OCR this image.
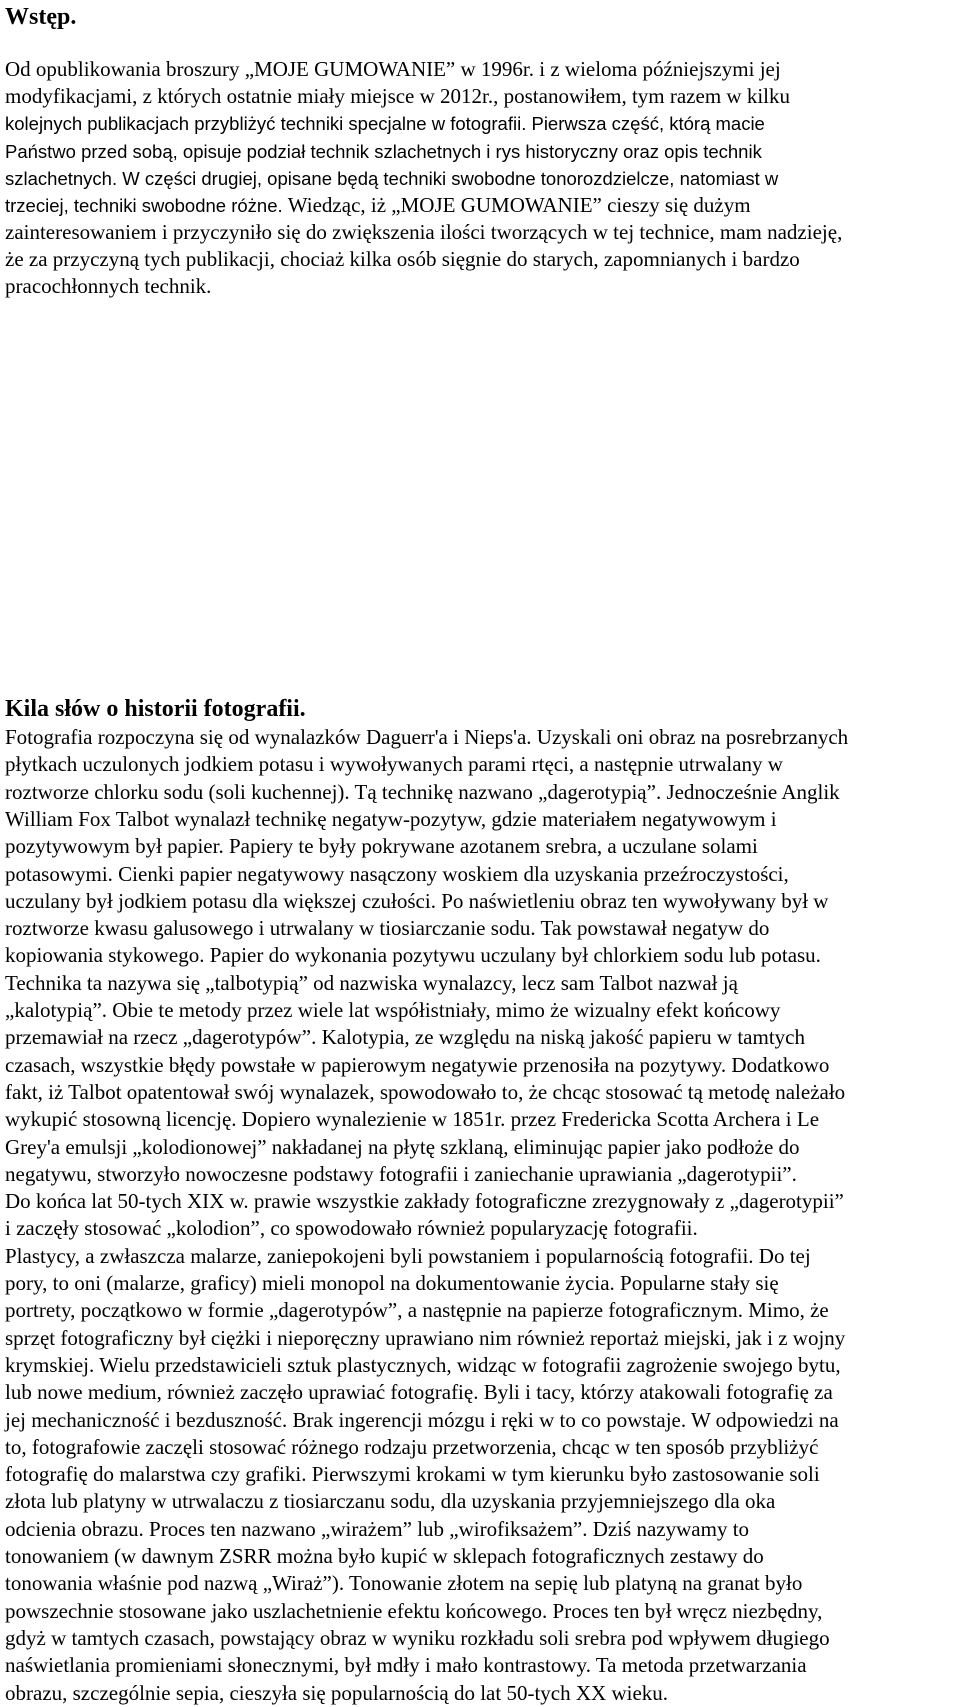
Wstęp.
Od opublikowania broszury „MOJE GUMOWANIE” w 1996r. i z wieloma późniejszymi jej
modyfikacjami, z których ostatnie miały miejsce w 2012r., postanowiłem, tym razem w kilku
kolejnych publikacjach przybliżyć techniki specjalne w fotografii. Pierwsza część, którą macie
Państwo przed sobą, opisuje podział technik szlachetnych i rys historyczny oraz opis technik
szlachetnych. W części drugiej, opisane będą techniki swobodne tonorozdzielcze, natomiast w
trzeciej, techniki swobodne różne. Wiedząc, iż „MOJE GUMOWANIE” cieszy się dużym
zainteresowaniem i przyczyniło się do zwiększenia ilości tworzących w tej technice, mam nadzieję,
że za przyczyną tych publikacji, chociaż kilka osób sięgnie do starych, zapomnianych i bardzo
pracochłonnych technik.
Kila słów o historii fotografii.
Fotografia rozpoczyna się od wynalazków Daguerr'a i Nieps'a. Uzyskali oni obraz na posrebrzanych
płytkach uczulonych jodkiem potasu i wywoływanych parami rtęci, a następnie utrwalany w
roztworze chlorku sodu (soli kuchennej). Tą technikę nazwano „dagerotypią”. Jednocześnie Anglik
William Fox Talbot wynalazł technikę negatyw-pozytyw, gdzie materiałem negatywowym i
pozytywowym był papier. Papiery te były pokrywane azotanem srebra, a uczulane solami
potasowymi. Cienki papier negatywowy nasączony woskiem dla uzyskania przeźroczystości,
uczulany był jodkiem potasu dla większej czułości. Po naświetleniu obraz ten wywoływany był w
roztworze kwasu galusowego i utrwalany w tiosiarczanie sodu. Tak powstawał negatyw do
kopiowania stykowego. Papier do wykonania pozytywu uczulany był chlorkiem sodu lub potasu.
Technika ta nazywa się „talbotypią” od nazwiska wynalazcy, lecz sam Talbot nazwał ją
„kalotypią”. Obie te metody przez wiele lat współistniały, mimo że wizualny efekt końcowy
przemawiał na rzecz „dagerotypów”. Kalotypia, ze względu na niską jakość papieru w tamtych
czasach, wszystkie błędy powstałe w papierowym negatywie przenosiła na pozytywy. Dodatkowo
fakt, iż Talbot opatentował swój wynalazek, spowodowało to, że chcąc stosować tą metodę należało
wykupić stosowną licencję. Dopiero wynalezienie w 1851r. przez Fredericka Scotta Archera i Le
Grey'a emulsji „kolodionowej” nakładanej na płytę szklaną, eliminując papier jako podłoże do
negatywu, stworzyło nowoczesne podstawy fotografii i zaniechanie uprawiania „dagerotypii”.
Do końca lat 50-tych XIX w. prawie wszystkie zakłady fotograficzne zrezygnowały z „dagerotypii”
i zaczęły stosować „kolodion”, co spowodowało również popularyzację fotografii.
Plastycy, a zwłaszcza malarze, zaniepokojeni byli powstaniem i popularnością fotografii. Do tej
pory, to oni (malarze, graficy) mieli monopol na dokumentowanie życia. Popularne stały się
portrety, początkowo w formie „dagerotypów”, a następnie na papierze fotograficznym. Mimo, że
sprzęt fotograficzny był ciężki i nieporęczny uprawiano nim również reportaż miejski, jak i z wojny
krymskiej. Wielu przedstawicieli sztuk plastycznych, widząc w fotografii zagrożenie swojego bytu,
lub nowe medium, również zaczęło uprawiać fotografię. Byli i tacy, którzy atakowali fotografię za
jej mechaniczność i bezduszność. Brak ingerencji mózgu i ręki w to co powstaje. W odpowiedzi na
to, fotografowie zaczęli stosować różnego rodzaju przetworzenia, chcąc w ten sposób przybliżyć
fotografię do malarstwa czy grafiki. Pierwszymi krokami w tym kierunku było zastosowanie soli
złota lub platyny w utrwalaczu z tiosiarczanu sodu, dla uzyskania przyjemniejszego dla oka
odcienia obrazu. Proces ten nazwano „wirażem” lub „wirofiksażem”. Dziś nazywamy to
tonowaniem (w dawnym ZSRR można było kupić w sklepach fotograficznych zestawy do
tonowania właśnie pod nazwą „Wiraż”). Tonowanie złotem na sepię lub platyną na granat było
powszechnie stosowane jako uszlachetnienie efektu końcowego. Proces ten był wręcz niezbędny,
gdyż w tamtych czasach, powstający obraz w wyniku rozkładu soli srebra pod wpływem długiego
naświetlania promieniami słonecznymi, był mdły i mało kontrastowy. Ta metoda przetwarzania
obrazu, szczególnie sepia, cieszyła się popularnością do lat 50-tych XX wieku.
